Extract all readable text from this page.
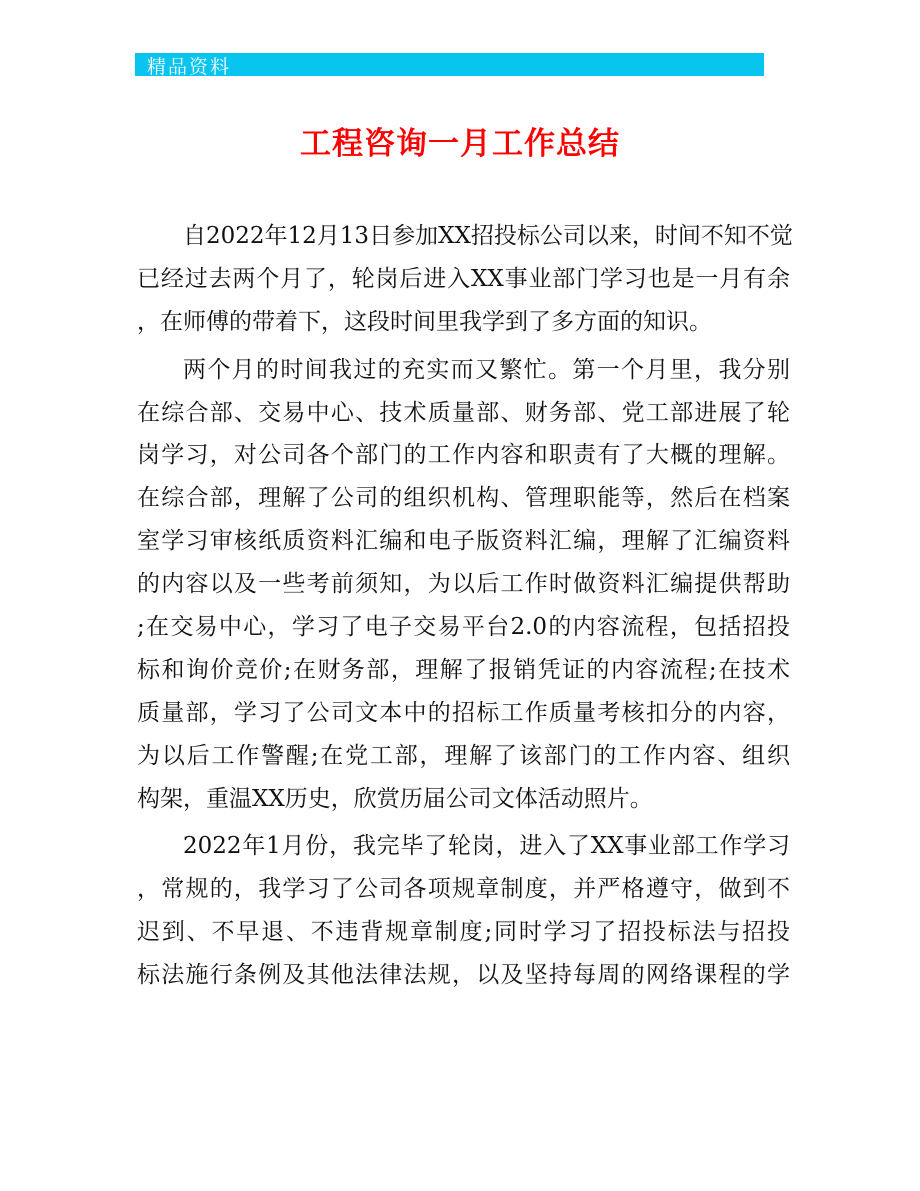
精品资料
工程咨询一月工作总结
自2022年12月13日参加XX招投标公司以来，时间不知不觉
已经过去两个月了，轮岗后进入XX事业部门学习也是一月有余
，在师傅的带着下，这段时间里我学到了多方面的知识。
两个月的时间我过的充实而又繁忙。第一个月里，我分别
在综合部、交易中心、技术质量部、财务部、党工部进展了轮
岗学习，对公司各个部门的工作内容和职责有了大概的理解。
在综合部，理解了公司的组织机构、管理职能等，然后在档案
室学习审核纸质资料汇编和电子版资料汇编，理解了汇编资料
的内容以及一些考前须知，为以后工作时做资料汇编提供帮助
;在交易中心，学习了电子交易平台2.0的内容流程，包括招投
标和询价竞价;在财务部，理解了报销凭证的内容流程;在技术
质量部，学习了公司文本中的招标工作质量考核扣分的内容，
为以后工作警醒;在党工部，理解了该部门的工作内容、组织
构架，重温XX历史，欣赏历届公司文体活动照片。
2022年1月份，我完毕了轮岗，进入了XX事业部工作学习
，常规的，我学习了公司各项规章制度，并严格遵守，做到不
迟到、不早退、不违背规章制度;同时学习了招投标法与招投
标法施行条例及其他法律法规，以及坚持每周的网络课程的学
